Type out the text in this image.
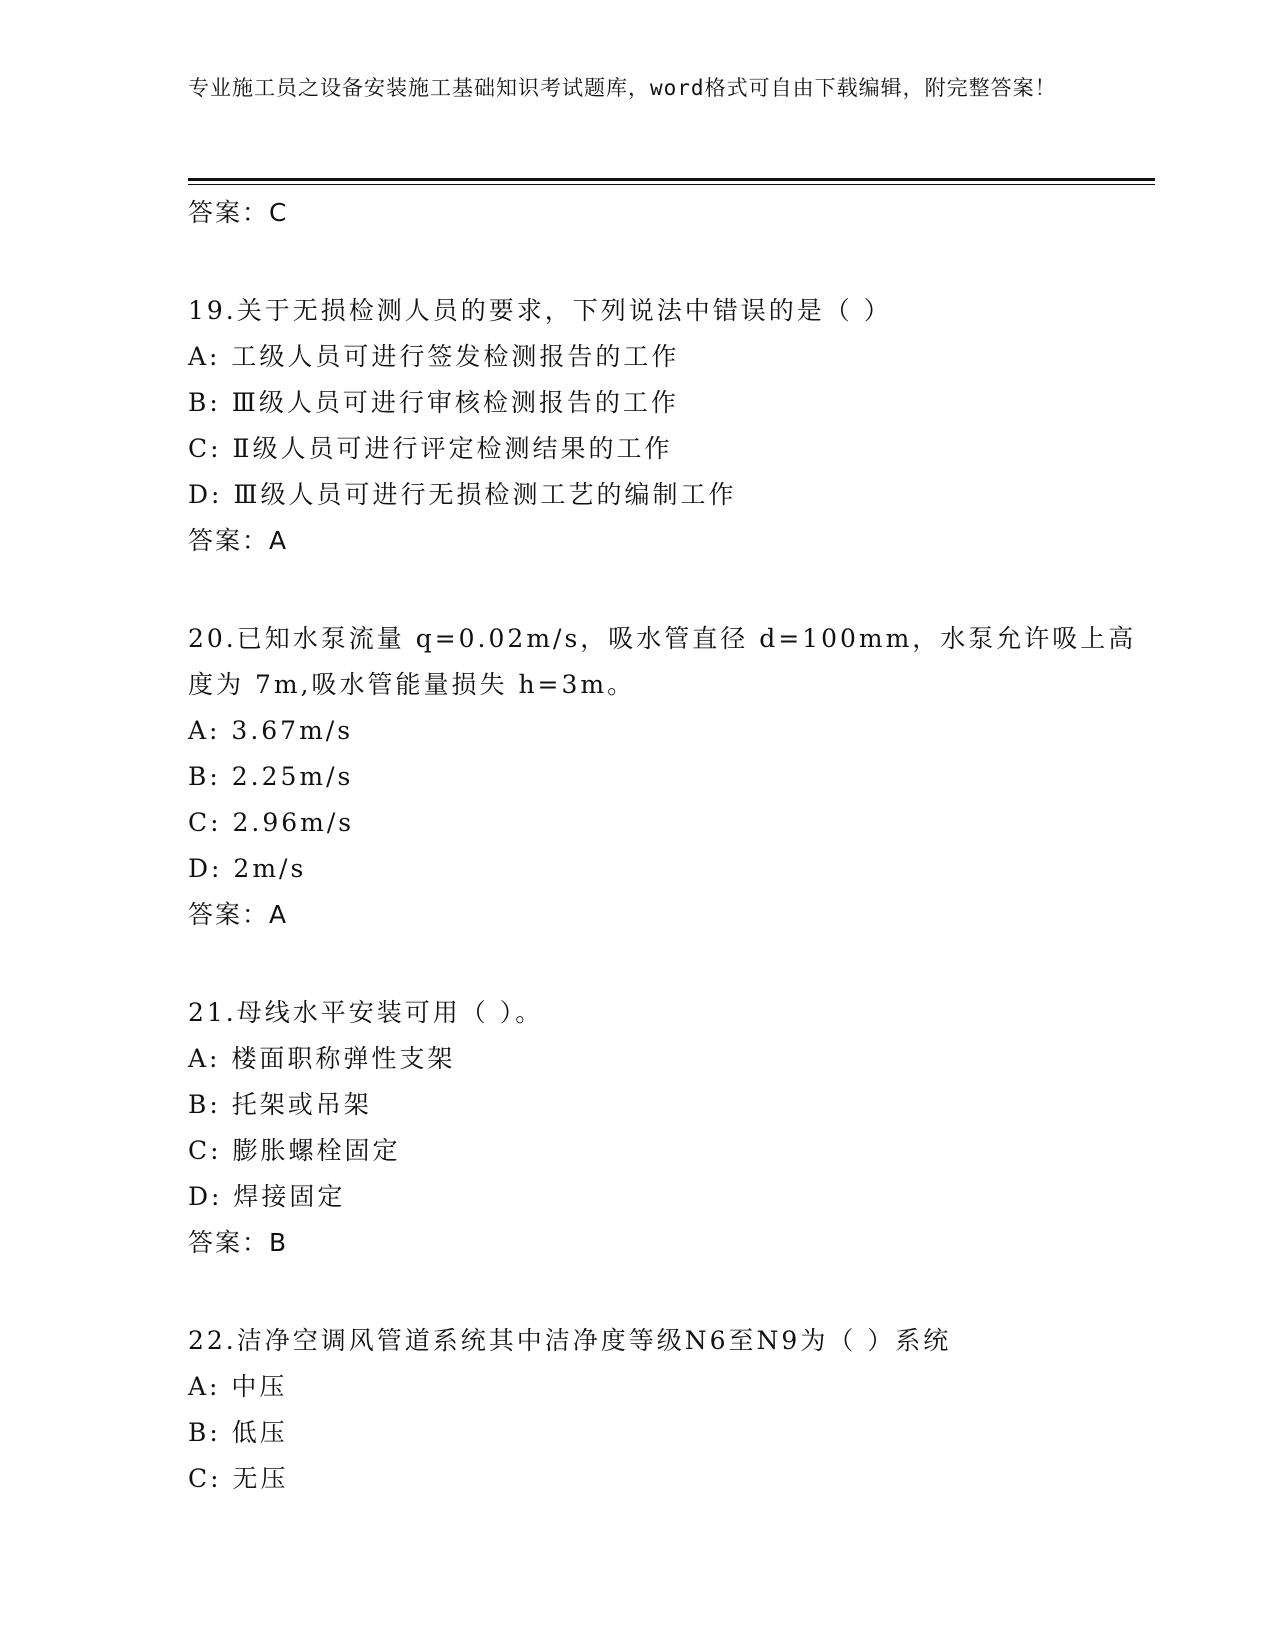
专业施工员之设备安装施工基础知识考试题库，word格式可自由下载编辑，附完整答案！
答案：C
19.关于无损检测人员的要求，下列说法中错误的是（ ）
A: 工级人员可进行签发检测报告的工作
B: Ⅲ级人员可进行审核检测报告的工作
C: Ⅱ级人员可进行评定检测结果的工作
D: Ⅲ级人员可进行无损检测工艺的编制工作
答案：A
20.已知水泵流量 q=0.02m/s，吸水管直径 d=100mm，水泵允许吸上高
度为 7m,吸水管能量损失 h=3m。
A: 3.67m/s
B: 2.25m/s
C: 2.96m/s
D: 2m/s
答案：A
21.母线水平安装可用（ ）。
A: 楼面职称弹性支架
B: 托架或吊架
C: 膨胀螺栓固定
D: 焊接固定
答案：B
22.洁净空调风管道系统其中洁净度等级N6至N9为（ ）系统
A: 中压
B: 低压
C: 无压
